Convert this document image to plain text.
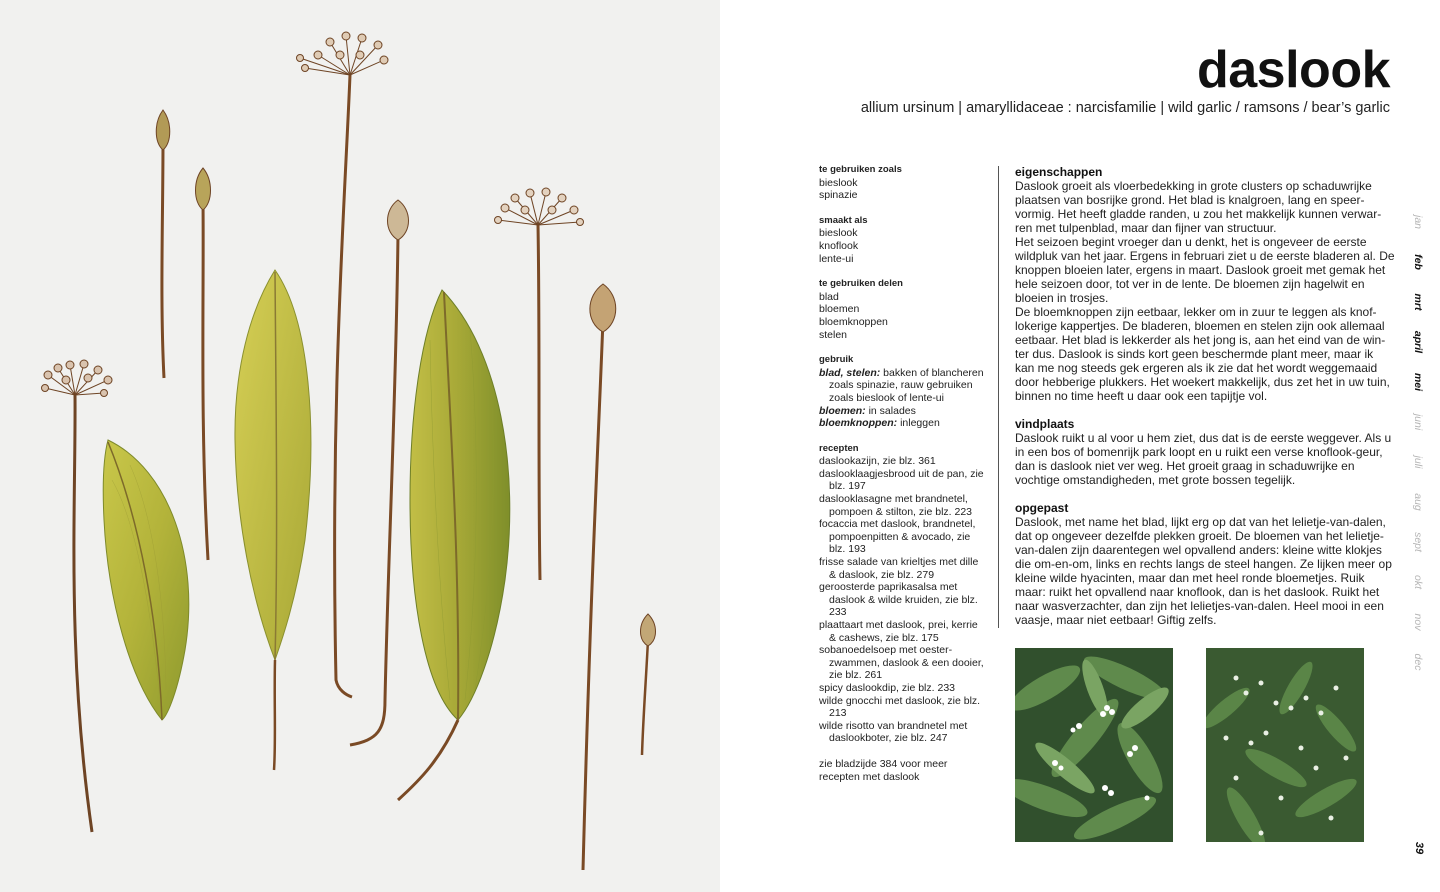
daslook

allium ursinum | amaryllidaceae : narcisfamilie | wild garlic / ramsons / bear’s garlic

te gebruiken zoals
bieslook
spinazie
smaakt als
bieslook
knoflook
lente-ui
te gebruiken delen
blad
bloemen
bloemknoppen
stelen
gebruik
blad, stelen: bakken of blancheren zoals spinazie, rauw gebruiken zoals bieslook of lente-ui
bloemen: in salades
bloemknoppen: inleggen
recepten
daslookazijn, zie blz. 361
daslooklaagjesbrood uit de pan, zie blz. 197
daslooklasagne met brandnetel, pompoen & stilton, zie blz. 223
focaccia met daslook, brandnetel, pompoenpitten & avocado, zie blz. 193
frisse salade van krieltjes met dille & daslook, zie blz. 279
geroosterde paprikasalsa met daslook & wilde kruiden, zie blz. 233
plaattaart met daslook, prei, kerrie & cashews, zie blz. 175
sobanoedelsoep met oester-zwammen, daslook & een dooier, zie blz. 261
spicy daslookdip, zie blz. 233
wilde gnocchi met daslook, zie blz. 213
wilde risotto van brandnetel met daslookboter, zie blz. 247
zie bladzijde 384 voor meer recepten met daslook
eigenschappen
Daslook groeit als vloerbedekking in grote clusters op schaduwrijke plaatsen van bosrijke grond. Het blad is knalgroen, lang en speer-vormig. Het heeft gladde randen, u zou het makkelijk kunnen verwar-ren met tulpenblad, maar dan fijner van structuur.
Het seizoen begint vroeger dan u denkt, het is ongeveer de eerste wildpluk van het jaar. Ergens in februari ziet u de eerste bladeren al. De knoppen bloeien later, ergens in maart. Daslook groeit met gemak het hele seizoen door, tot ver in de lente. De bloemen zijn hagelwit en bloeien in trosjes.

De bloemknoppen zijn eetbaar, lekker om in zuur te leggen als knof-lokerige kappertjes. De bladeren, bloemen en stelen zijn ook allemaal eetbaar. Het blad is lekkerder als het jong is, aan het eind van de win-ter dus. Daslook is sinds kort geen beschermde plant meer, maar ik kan me nog steeds gek ergeren als ik zie dat het wordt weggemaaid door hebberige plukkers. Het woekert makkelijk, dus zet het in uw tuin, binnen no time heeft u daar ook een tapijtje vol.

vindplaats

Daslook ruikt u al voor u hem ziet, dus dat is de eerste weggever. Als u in een bos of bomenrijk park loopt en u ruikt een verse knoflook-geur, dan is daslook niet ver weg. Het groeit graag in schaduwrijke en vochtige omstandigheden, met grote bossen tegelijk.

opgepast

Daslook, met name het blad, lijkt erg op dat van het lelietje-van-dalen, dat op ongeveer dezelfde plekken groeit. De bloemen van het lelietje-van-dalen zijn daarentegen wel opvallend anders: kleine witte klokjes die om-en-om, links en rechts langs de steel hangen. Ze lijken meer op kleine wilde hyacinten, maar dan met heel ronde bloemetjes. Ruik maar: ruikt het opvallend naar knoflook, dan is het daslook. Ruikt het naar wasverzachter, dan zijn het lelietjes-van-dalen. Heel mooi in een vaasje, maar niet eetbaar! Giftig zelfs.

jan
feb
mrt
april
mei
juni
juli
aug
sept
okt
nov
dec
39
